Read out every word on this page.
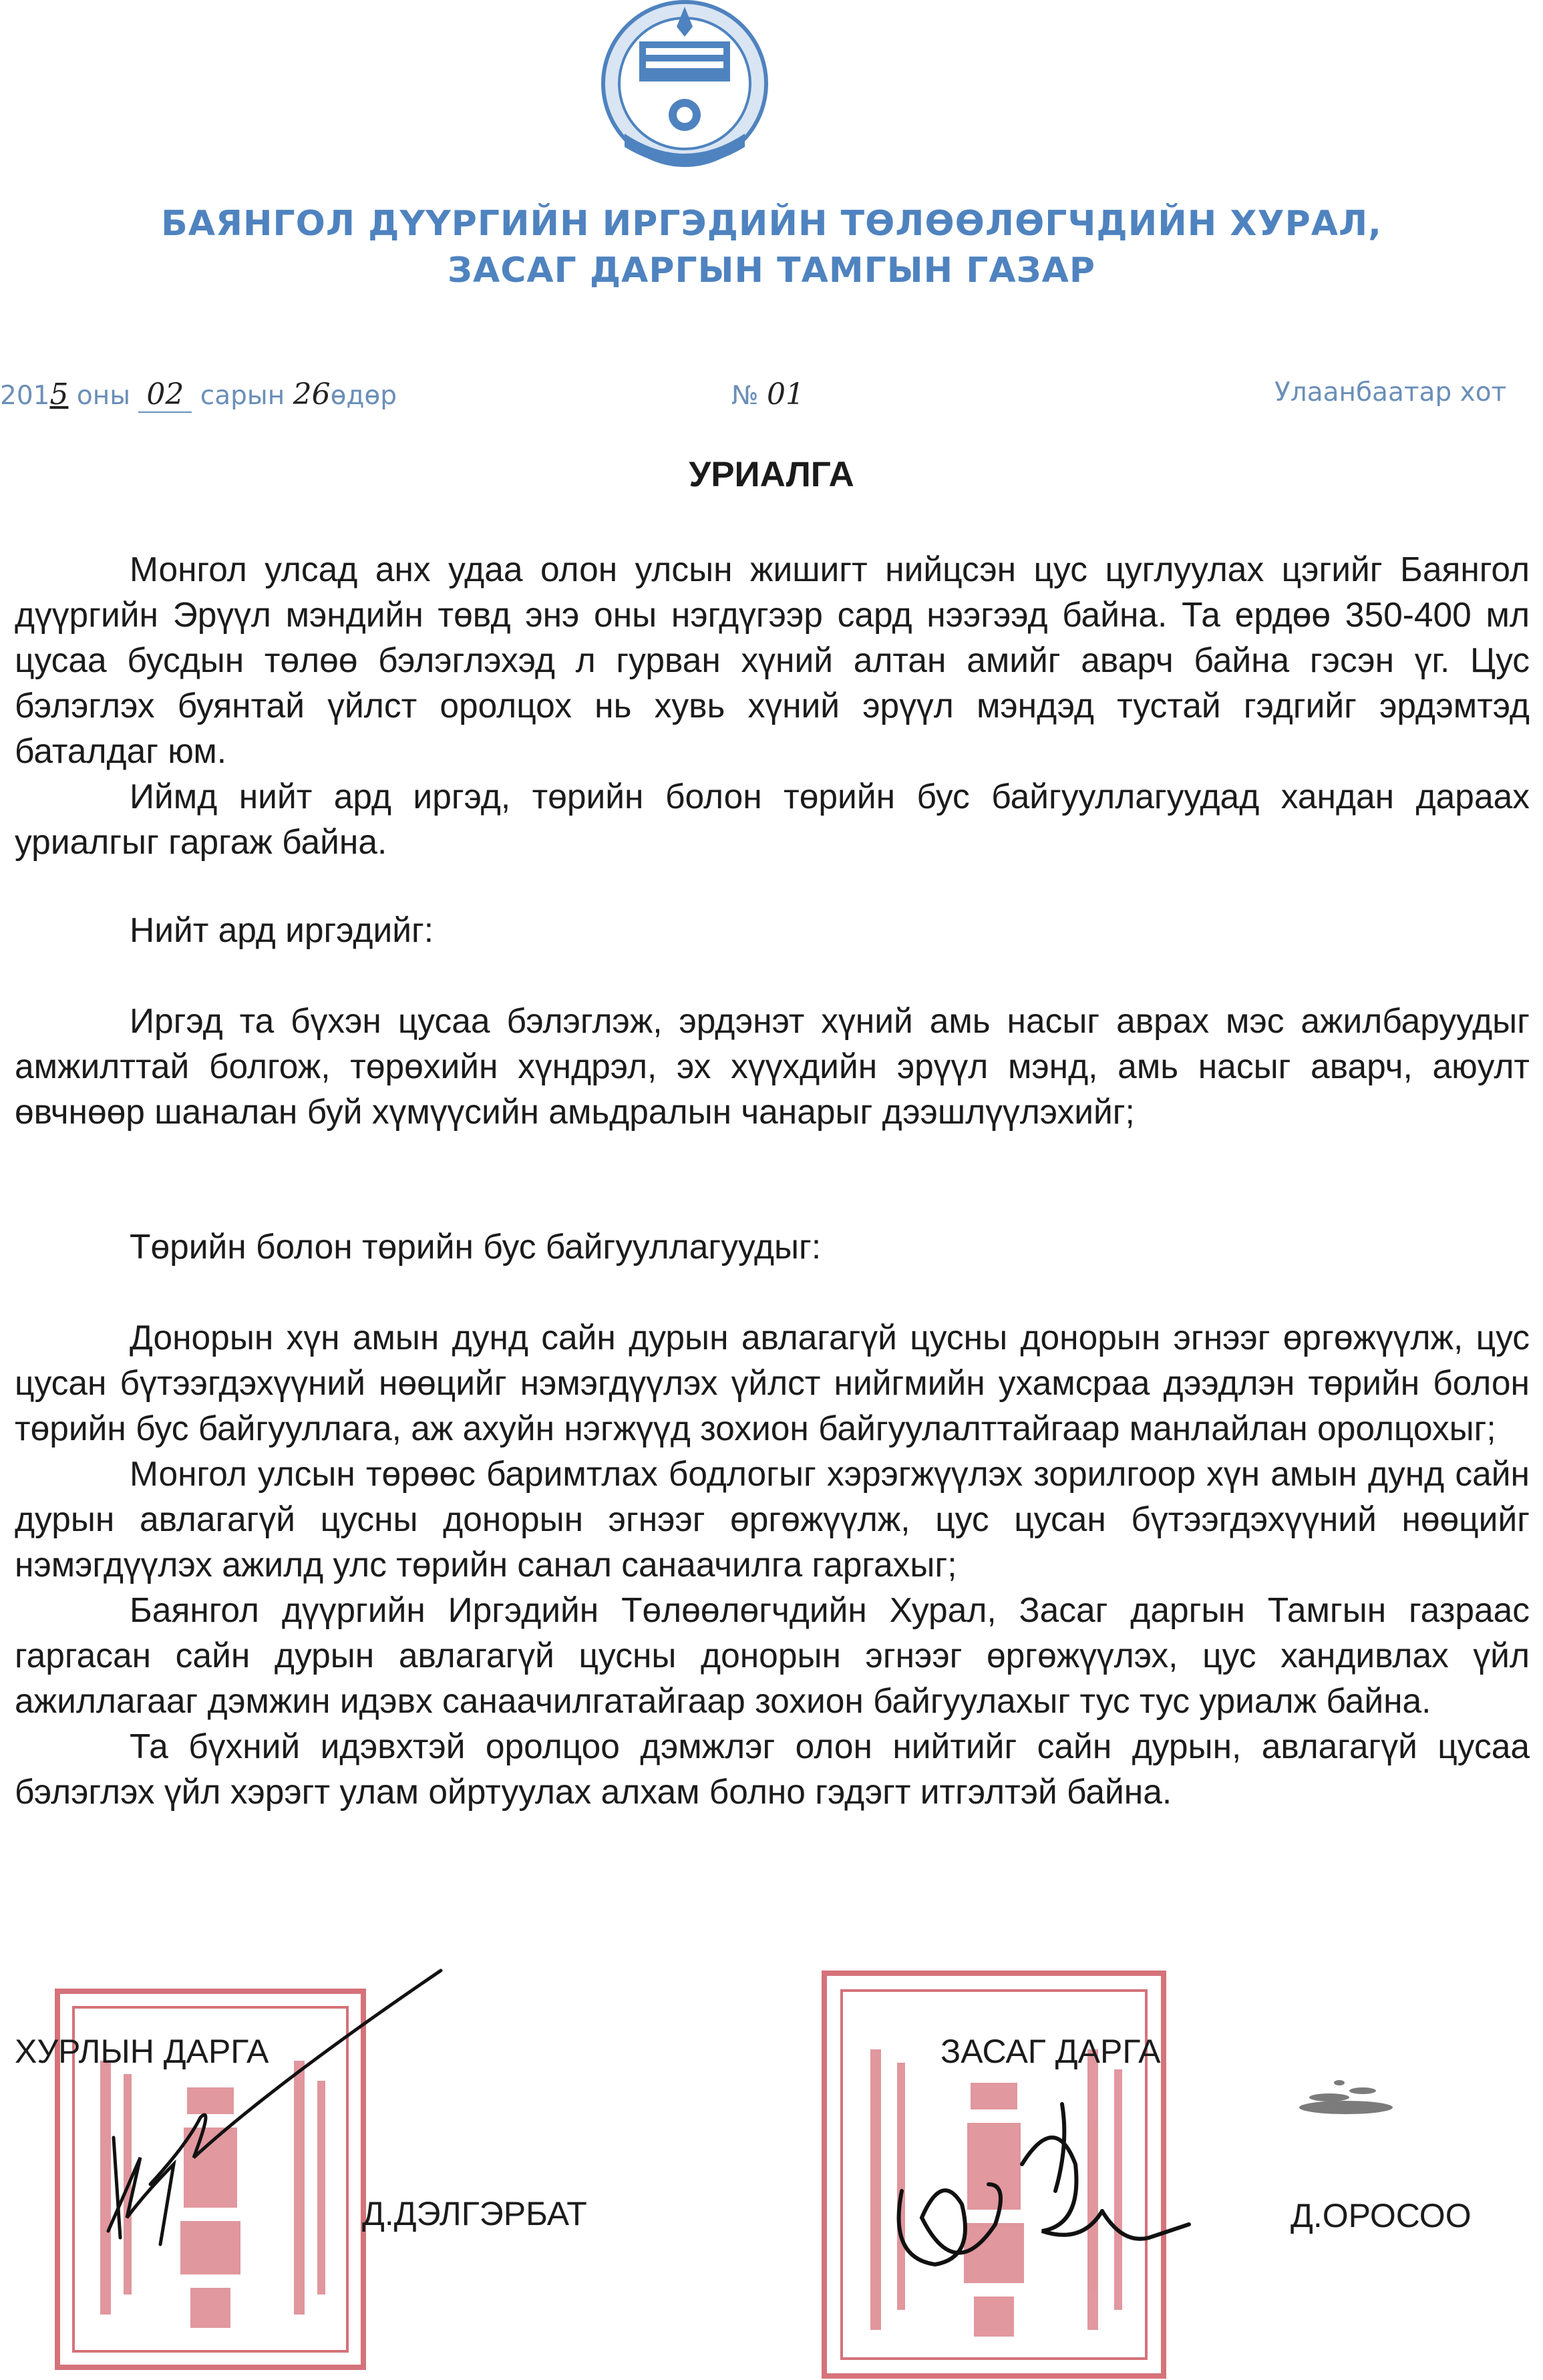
БАЯНГОЛ ДҮҮРГИЙН ИРГЭДИЙН ТӨЛӨӨЛӨГЧДИЙН ХУРАЛ,
ЗАСАГ ДАРГЫН ТАМГЫН ГАЗАР
2015 оны 02 сарын 26өдөр	№ 01	Улаанбаатар хот
УРИАЛГА

Монгол улсад анх удаа олон улсын жишигт нийцсэн цус цуглуулах цэгийг Баянгол дүүргийн Эрүүл мэндийн төвд энэ оны нэгдүгээр сард нээгээд байна. Та ердөө 350-400 мл цусаа бусдын төлөө бэлэглэхэд л гурван хүний алтан амийг аварч байна гэсэн үг. Цус бэлэглэх буянтай үйлст оролцох нь хувь хүний эрүүл мэндэд тустай гэдгийг эрдэмтэд баталдаг юм.

Иймд нийт ард иргэд, төрийн болон төрийн бус байгууллагуудад хандан дараах уриалгыг гаргаж байна.

Нийт ард иргэдийг:

Иргэд та бүхэн цусаа бэлэглэж, эрдэнэт хүний амь насыг аврах мэс ажилбаруудыг амжилттай болгож, төрөхийн хүндрэл, эх хүүхдийн эрүүл мэнд, амь насыг аварч, аюулт өвчнөөр шаналан буй хүмүүсийн амьдралын чанарыг дээшлүүлэхийг;

Төрийн болон төрийн бус байгууллагуудыг:

Донорын хүн амын дунд сайн дурын авлагагүй цусны донорын эгнээг өргөжүүлж, цус цусан бүтээгдэхүүний нөөцийг нэмэгдүүлэх үйлст нийгмийн ухамсраа дээдлэн төрийн болон төрийн бус байгууллага, аж ахуйн нэгжүүд зохион байгуулалттайгаар манлайлан оролцохыг;

Монгол улсын төрөөс баримтлах бодлогыг хэрэгжүүлэх зорилгоор хүн амын дунд сайн дурын авлагагүй цусны донорын эгнээг өргөжүүлж, цус цусан бүтээгдэхүүний нөөцийг нэмэгдүүлэх ажилд улс төрийн санал санаачилга гаргахыг;

Баянгол дүүргийн Иргэдийн Төлөөлөгчдийн Хурал, Засаг даргын Тамгын газраас гаргасан сайн дурын авлагагүй цусны донорын эгнээг өргөжүүлэх, цус хандивлах үйл ажиллагааг дэмжин идэвх санаачилгатайгаар зохион байгуулахыг тус тус уриалж байна.

Та бүхний идэвхтэй оролцоо дэмжлэг олон нийтийг сайн дурын, авлагагүй цусаа бэлэглэх үйл хэрэгт улам ойртуулах алхам болно гэдэгт итгэлтэй байна.

ХУРЛЫН ДАРГА
Д.ДЭЛГЭРБАТ
ЗАСАГ ДАРГА
Д.ОРОСОО
